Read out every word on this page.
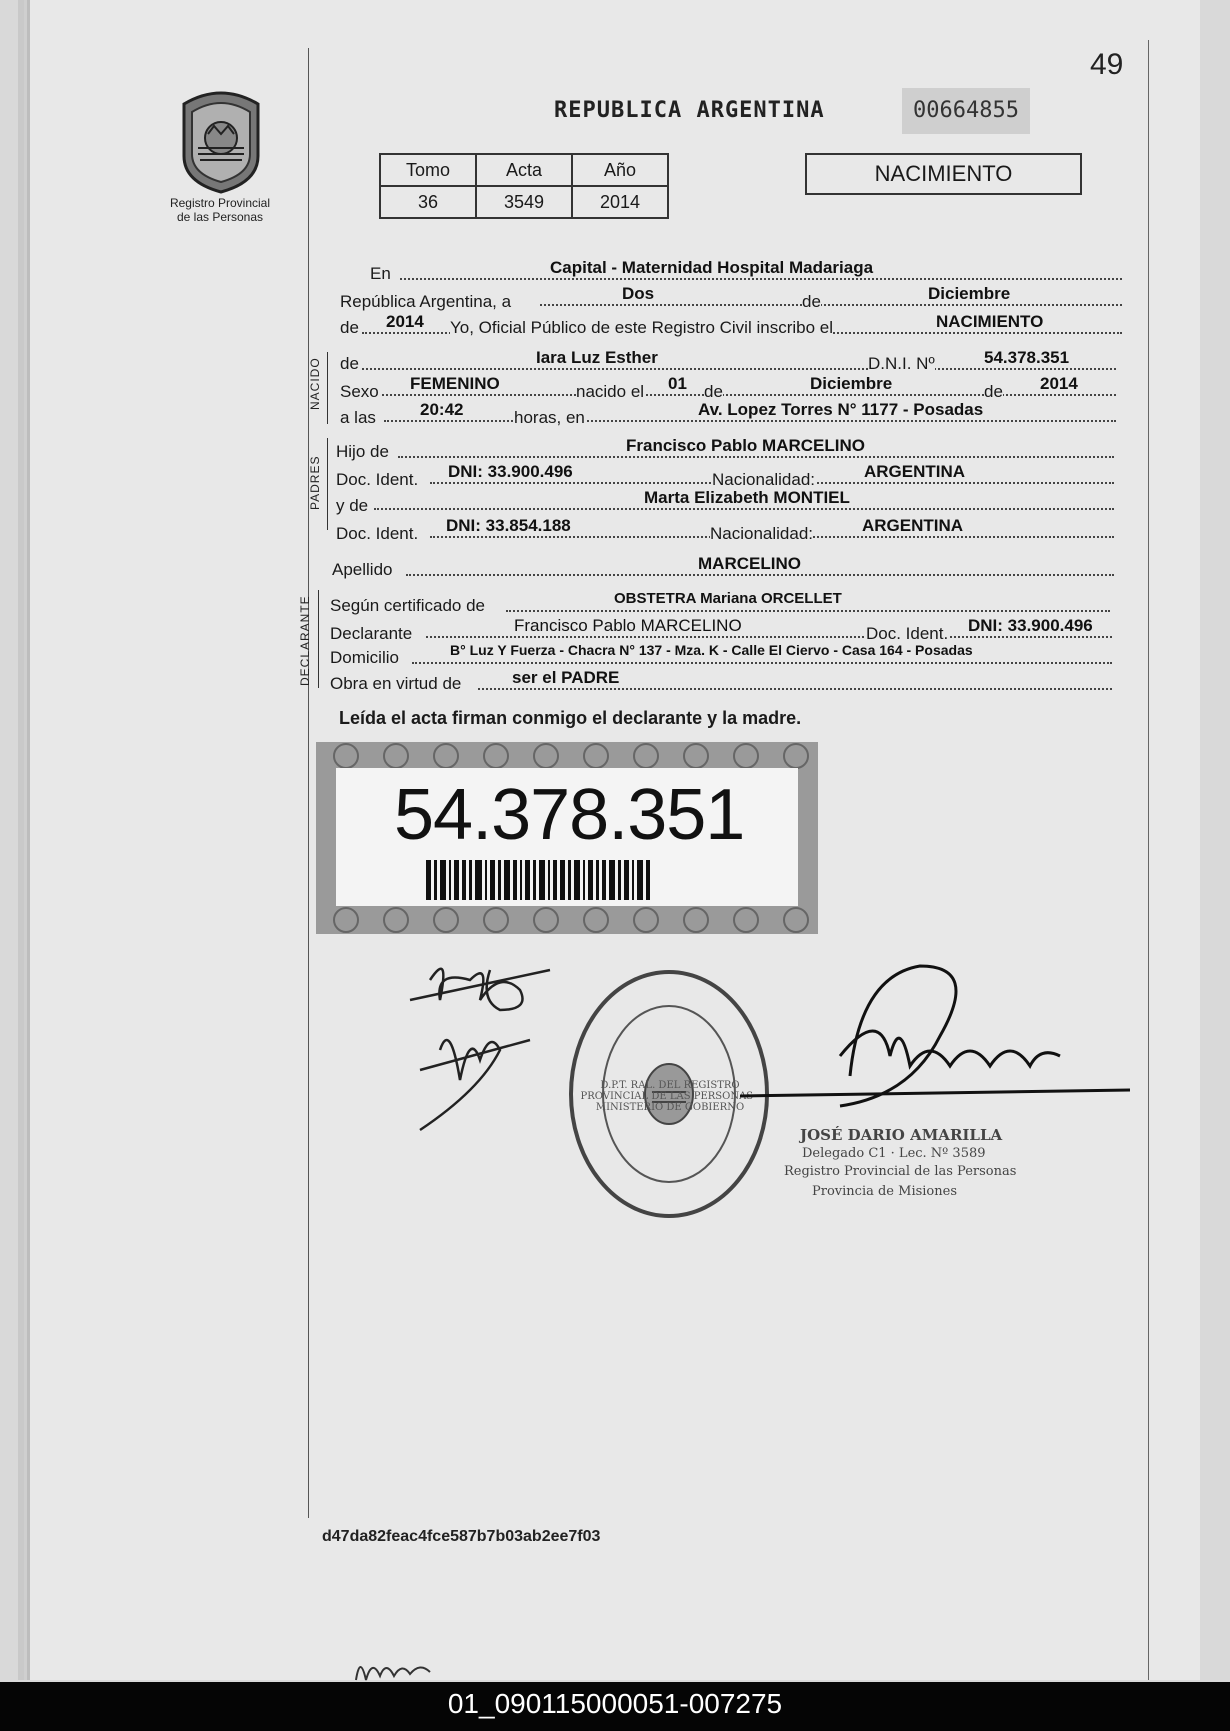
49
Registro Provincial
de las Personas
REPUBLICA ARGENTINA	00664855
Tomo	Acta	Año
36	3549	2014
NACIMIENTO
En	Capital - Maternidad Hospital Madariaga
República Argentina, a	Dos	de	Diciembre
de 2014 Yo, Oficial Público de este Registro Civil inscribo el	NACIMIENTO
NACIDO de	Iara Luz Esther	D.N.I. Nº	54.378.351
Sexo FEMENINO	nacido el 01 de	Diciembre	de 2014
a las	20:42	horas, en	Av. Lopez Torres N° 1177 - Posadas
PADRES
Hijo de	Francisco Pablo MARCELINO
Doc. Ident. DNI: 33.900.496	Nacionalidad:	ARGENTINA
y de	Marta Elizabeth MONTIEL
Doc. Ident. DNI: 33.854.188	Nacionalidad:	ARGENTINA
Apellido	MARCELINO
DECLARANTE Según certificado de	OBSTETRA Mariana ORCELLET
Declarante	Francisco Pablo MARCELINO	Doc. Ident. DNI: 33.900.496
Domicilio	B° Luz Y Fuerza - Chacra N° 137 - Mza. K - Calle El Ciervo - Casa 164 - Posadas
Obra en virtud de	ser el PADRE
Leída el acta firman conmigo el declarante y la madre.
54.378.351
D.P.T. RAL. DEL REGISTRO PROVINCIAL DE LAS PERSONAS · MINISTERIO DE GOBIERNO
JOSÉ DARIO AMARILLA
Delegado C1 · Lec. Nº 3589
Registro Provincial de las Personas
Provincia de Misiones
d47da82feac4fce587b7b03ab2ee7f03
01_090115000051-007275
